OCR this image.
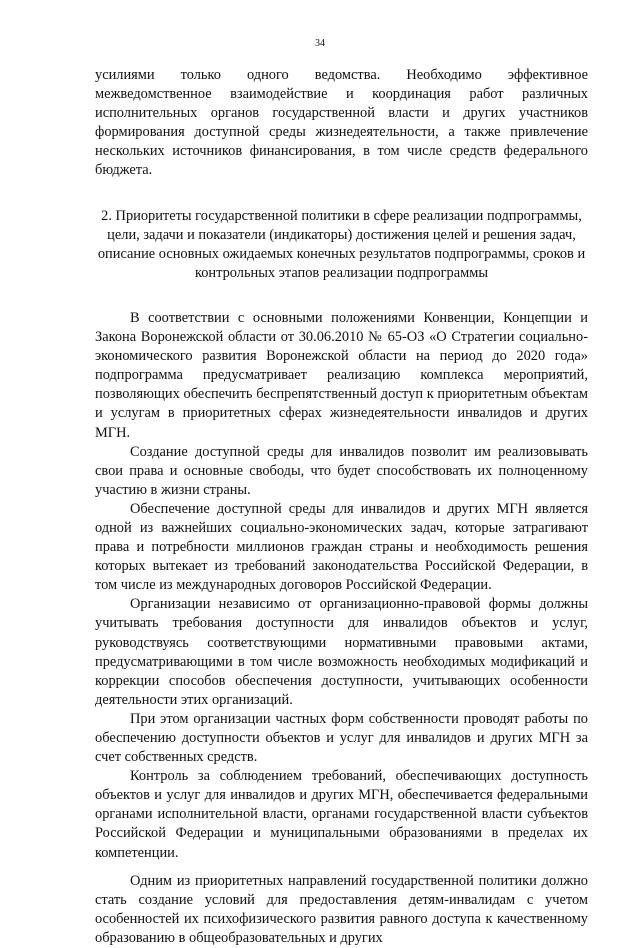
34

усилиями только одного ведомства. Необходимо эффективное межведомственное взаимодействие и координация работ различных исполнительных органов государственной власти и других участников формирования доступной среды жизнедеятельности, а также привлечение нескольких источников финансирования, в том числе средств федерального бюджета.

2. Приоритеты государственной политики в сфере реализации подпрограммы, цели, задачи и показатели (индикаторы) достижения целей и решения задач, описание основных ожидаемых конечных результатов подпрограммы, сроков и контрольных этапов реализации подпрограммы

В соответствии с основными положениями Конвенции, Концепции и Закона Воронежской области от 30.06.2010 № 65-ОЗ «О Стратегии социально-экономического развития Воронежской области на период до 2020 года» подпрограмма предусматривает реализацию комплекса мероприятий, позволяющих обеспечить беспрепятственный доступ к приоритетным объектам и услугам в приоритетных сферах жизнедеятельности инвалидов и других МГН.

Создание доступной среды для инвалидов позволит им реализовывать свои права и основные свободы, что будет способствовать их полноценному участию в жизни страны.

Обеспечение доступной среды для инвалидов и других МГН является одной из важнейших социально-экономических задач, которые затрагивают права и потребности миллионов граждан страны и необходимость решения которых вытекает из требований законодательства Российской Федерации, в том числе из международных договоров Российской Федерации.

Организации независимо от организационно-правовой формы должны учитывать требования доступности для инвалидов объектов и услуг, руководствуясь соответствующими нормативными правовыми актами, предусматривающими в том числе возможность необходимых модификаций и коррекции способов обеспечения доступности, учитывающих особенности деятельности этих организаций.

При этом организации частных форм собственности проводят работы по обеспечению доступности объектов и услуг для инвалидов и других МГН за счет собственных средств.

Контроль за соблюдением требований, обеспечивающих доступность объектов и услуг для инвалидов и других МГН, обеспечивается федеральными органами исполнительной власти, органами государственной власти субъектов Российской Федерации и муниципальными образованиями в пределах их компетенции.

Одним из приоритетных направлений государственной политики должно стать создание условий для предоставления детям-инвалидам с учетом особенностей их психофизического развития равного доступа к качественному образованию в общеобразовательных и других
